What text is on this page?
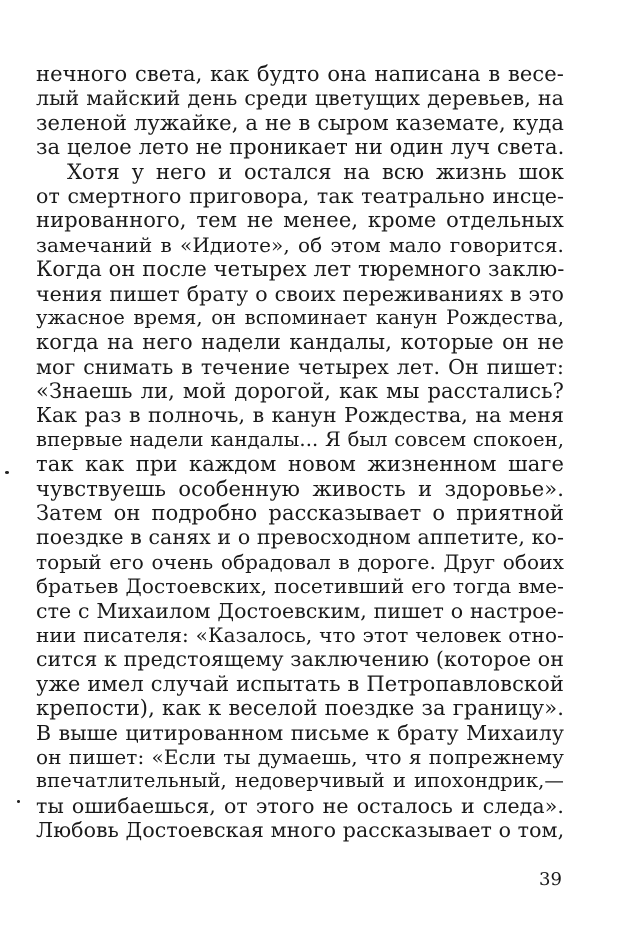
нечного света, как будто она написана в весе-
лый майский день среди цветущих деревьев, на
зеленой лужайке, а не в сыром каземате, куда
за целое лето не проникает ни один луч света.
Хотя у него и остался на всю жизнь шок
от смертного приговора, так театрально инсце-
нированного, тем не менее, кроме отдельных
замечаний в «Идиоте», об этом мало говорится.
Когда он после четырех лет тюремного заклю-
чения пишет брату о своих переживаниях в это
ужасное время, он вспоминает канун Рождества,
когда на него надели кандалы, которые он не
мог снимать в течение четырех лет. Он пишет:
«Знаешь ли, мой дорогой, как мы расстались?
Как раз в полночь, в канун Рождества, на меня
впервые надели кандалы... Я был совсем спокоен,
так как при каждом новом жизненном шаге
чувствуешь особенную живость и здоровье».
Затем он подробно рассказывает о приятной
поездке в санях и о превосходном аппетите, ко-
торый его очень обрадовал в дороге. Друг обоих
братьев Достоевских, посетивший его тогда вме-
сте с Михаилом Достоевским, пишет о настрое-
нии писателя: «Казалось, что этот человек отно-
сится к предстоящему заключению (которое он
уже имел случай испытать в Петропавловской
крепости), как к веселой поездке за границу».
В выше цитированном письме к брату Михаилу
он пишет: «Если ты думаешь, что я попрежнему
впечатлительный, недоверчивый и ипохондрик,—
ты ошибаешься, от этого не осталось и следа».
Любовь Достоевская много рассказывает о том,
39
